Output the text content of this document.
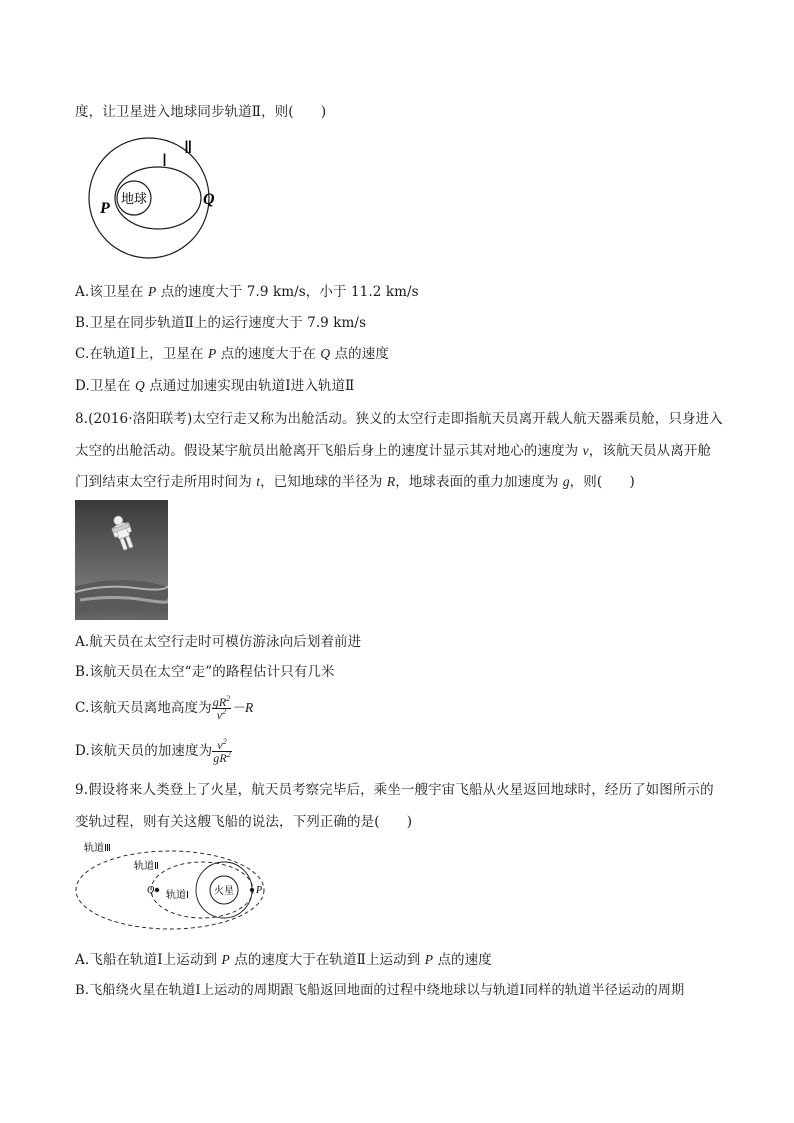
度，让卫星进入地球同步轨道Ⅱ，则(　　)
地球
Ⅰ
Ⅱ
P
Q
A.该卫星在 P 点的速度大于 7.9 km/s，小于 11.2 km/s
B.卫星在同步轨道Ⅱ上的运行速度大于 7.9 km/s
C.在轨道Ⅰ上，卫星在 P 点的速度大于在 Q 点的速度
D.卫星在 Q 点通过加速实现由轨道Ⅰ进入轨道Ⅱ
8.(2016·洛阳联考)太空行走又称为出舱活动。狭义的太空行走即指航天员离开载人航天器乘员舱，只身进入
太空的出舱活动。假设某宇航员出舱离开飞船后身上的速度计显示其对地心的速度为 v，该航天员从离开舱
门到结束太空行走所用时间为 t，已知地球的半径为 R，地球表面的重力加速度为 g，则(　　)
A.航天员在太空行走时可模仿游泳向后划着前进
B.该航天员在太空“走”的路程估计只有几米
C.该航天员离地高度为 $\frac{gR^2}{v^2} -R$
D.该航天员的加速度为 $\frac{v^2}{gR^2}$
9.假设将来人类登上了火星，航天员考察完毕后，乘坐一艘宇宙飞船从火星返回地球时，经历了如图所示的
变轨过程，则有关这艘飞船的说法，下列正确的是(　　)
轨道Ⅲ
轨道Ⅱ
轨道Ⅰ	火星
Q	P
A.飞船在轨道Ⅰ上运动到 P 点的速度大于在轨道Ⅱ上运动到 P 点的速度
B.飞船绕火星在轨道Ⅰ上运动的周期跟飞船返回地面的过程中绕地球以与轨道Ⅰ同样的轨道半径运动的周期
